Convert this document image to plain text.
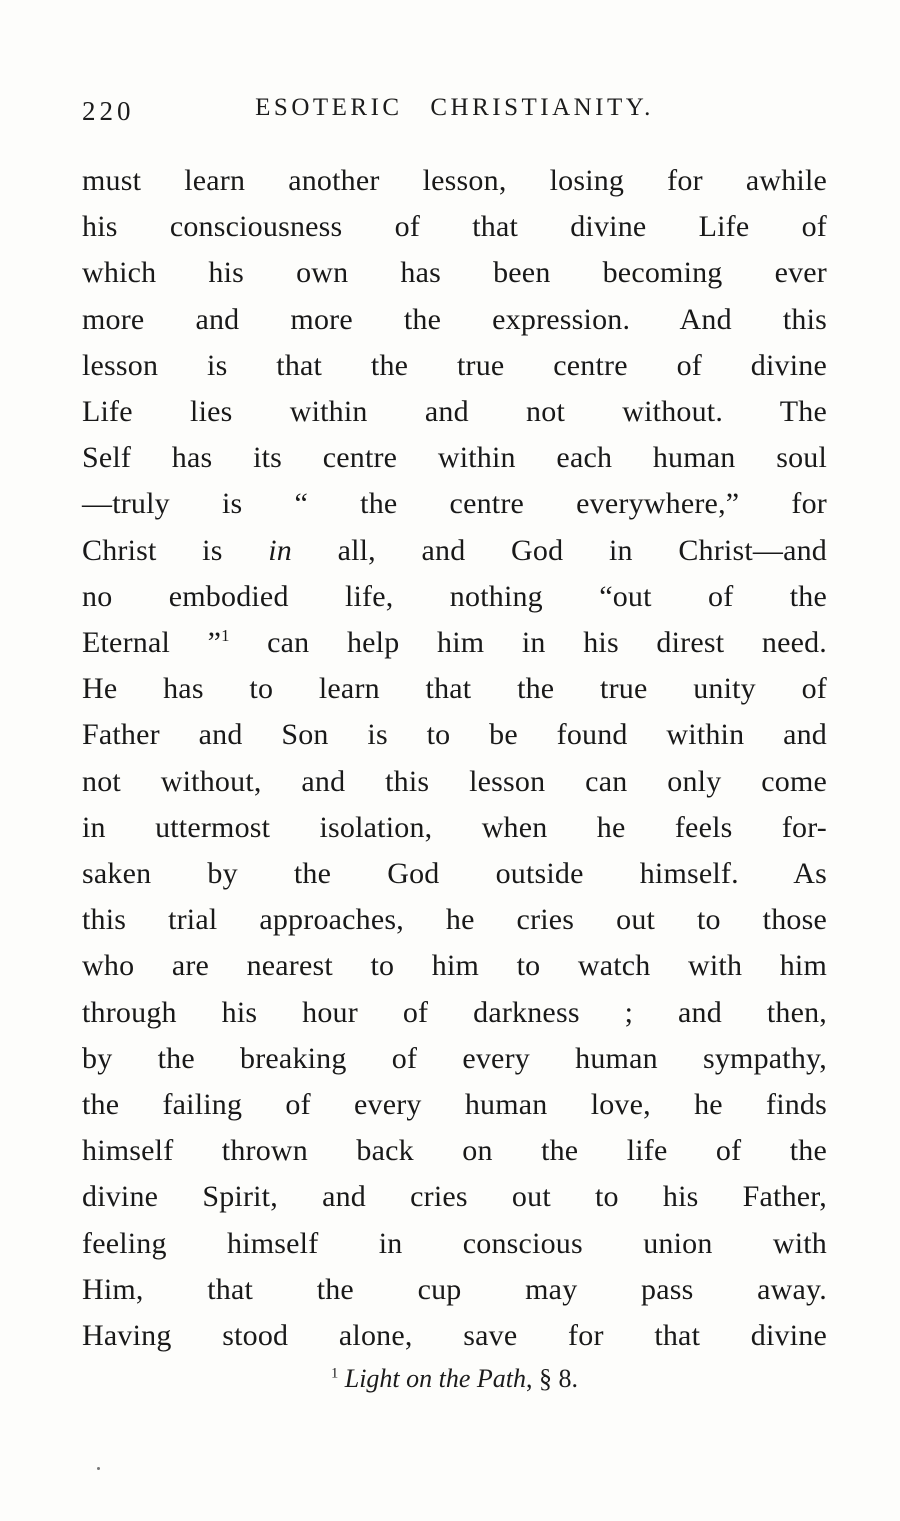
220	ESOTERIC CHRISTIANITY.
must learn another lesson, losing for awhile
his consciousness of that divine Life of
which his own has been becoming ever
more and more the expression. And this
lesson is that the true centre of divine
Life lies within and not without. The
Self has its centre within each human soul
—truly is “ the centre everywhere,” for
Christ is in all, and God in Christ—and
no embodied life, nothing “out of the
Eternal ”$^1$ can help him in his direst need.
He has to learn that the true unity of
Father and Son is to be found within and
not without, and this lesson can only come
in uttermost isolation, when he feels for-
saken by the God outside himself. As
this trial approaches, he cries out to those
who are nearest to him to watch with him
through his hour of darkness ; and then,
by the breaking of every human sympathy,
the failing of every human love, he finds
himself thrown back on the life of the
divine Spirit, and cries out to his Father,
feeling himself in conscious union with
Him, that the cup may pass away.
Having stood alone, save for that divine
$^1$ Light on the Path, § 8.
